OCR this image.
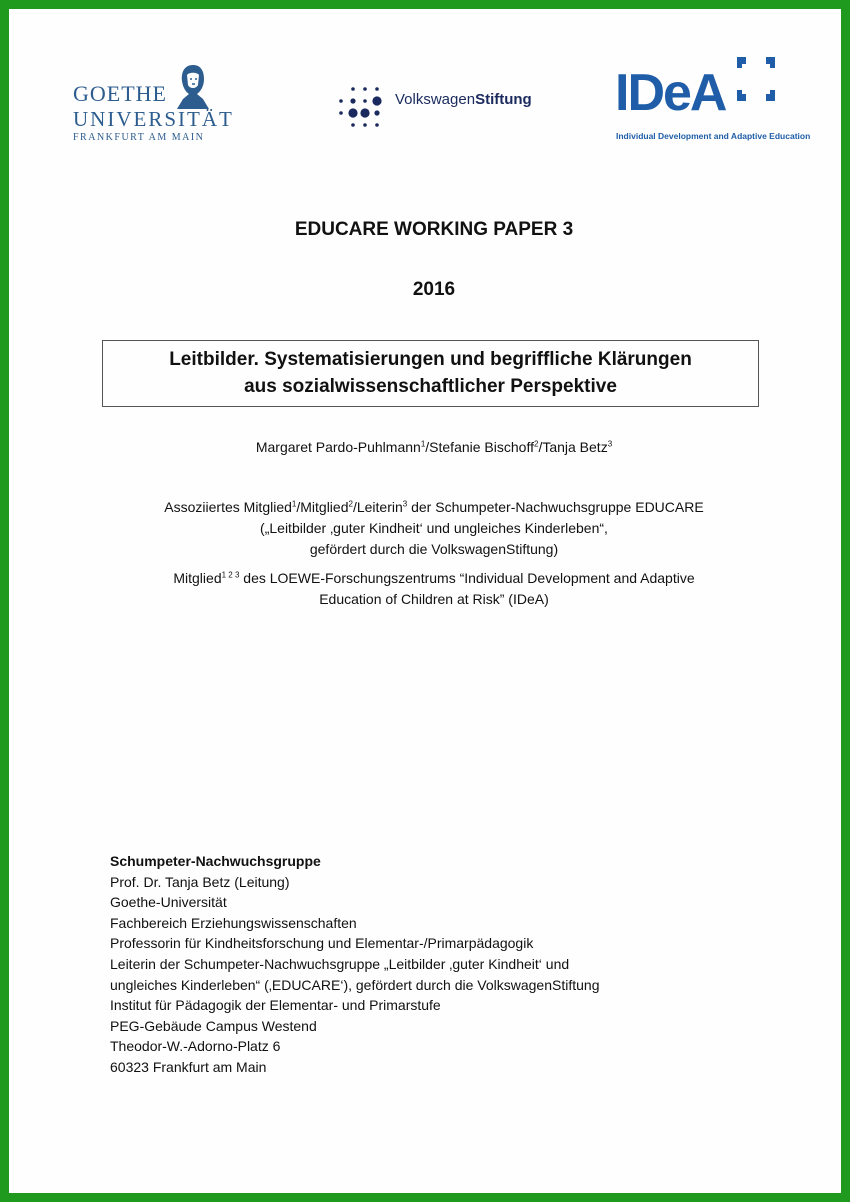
GOETHE
UNIVERSITÄT
FRANKFURT AM MAIN
VolkswagenStiftung IDeA
Individual Development and Adaptive Education
EDUCARE WORKING PAPER 3
2016
Leitbilder. Systematisierungen und begriffliche Klärungen
aus sozialwissenschaftlicher Perspektive
Margaret Pardo-Puhlmann$^1$/Stefanie Bischoff$^2$/Tanja Betz$^3$
Assoziiertes Mitglied$^1$/Mitglied$^2$/Leiterin$^3$ der Schumpeter-Nachwuchsgruppe EDUCARE
(„Leitbilder ‚guter Kindheit‘ und ungleiches Kinderleben“,
gefördert durch die VolkswagenStiftung)
Mitglied$^{1 2 3}$ des LOEWE-Forschungszentrums “Individual Development and Adaptive
Education of Children at Risk” (IDeA)
Schumpeter-Nachwuchsgruppe
Prof. Dr. Tanja Betz (Leitung)
Goethe-Universität
Fachbereich Erziehungswissenschaften
Professorin für Kindheitsforschung und Elementar-/Primarpädagogik
Leiterin der Schumpeter-Nachwuchsgruppe „Leitbilder ‚guter Kindheit‘ und
ungleiches Kinderleben“ (‚EDUCARE‘), gefördert durch die VolkswagenStiftung
Institut für Pädagogik der Elementar- und Primarstufe
PEG-Gebäude Campus Westend
Theodor-W.-Adorno-Platz 6
60323 Frankfurt am Main
